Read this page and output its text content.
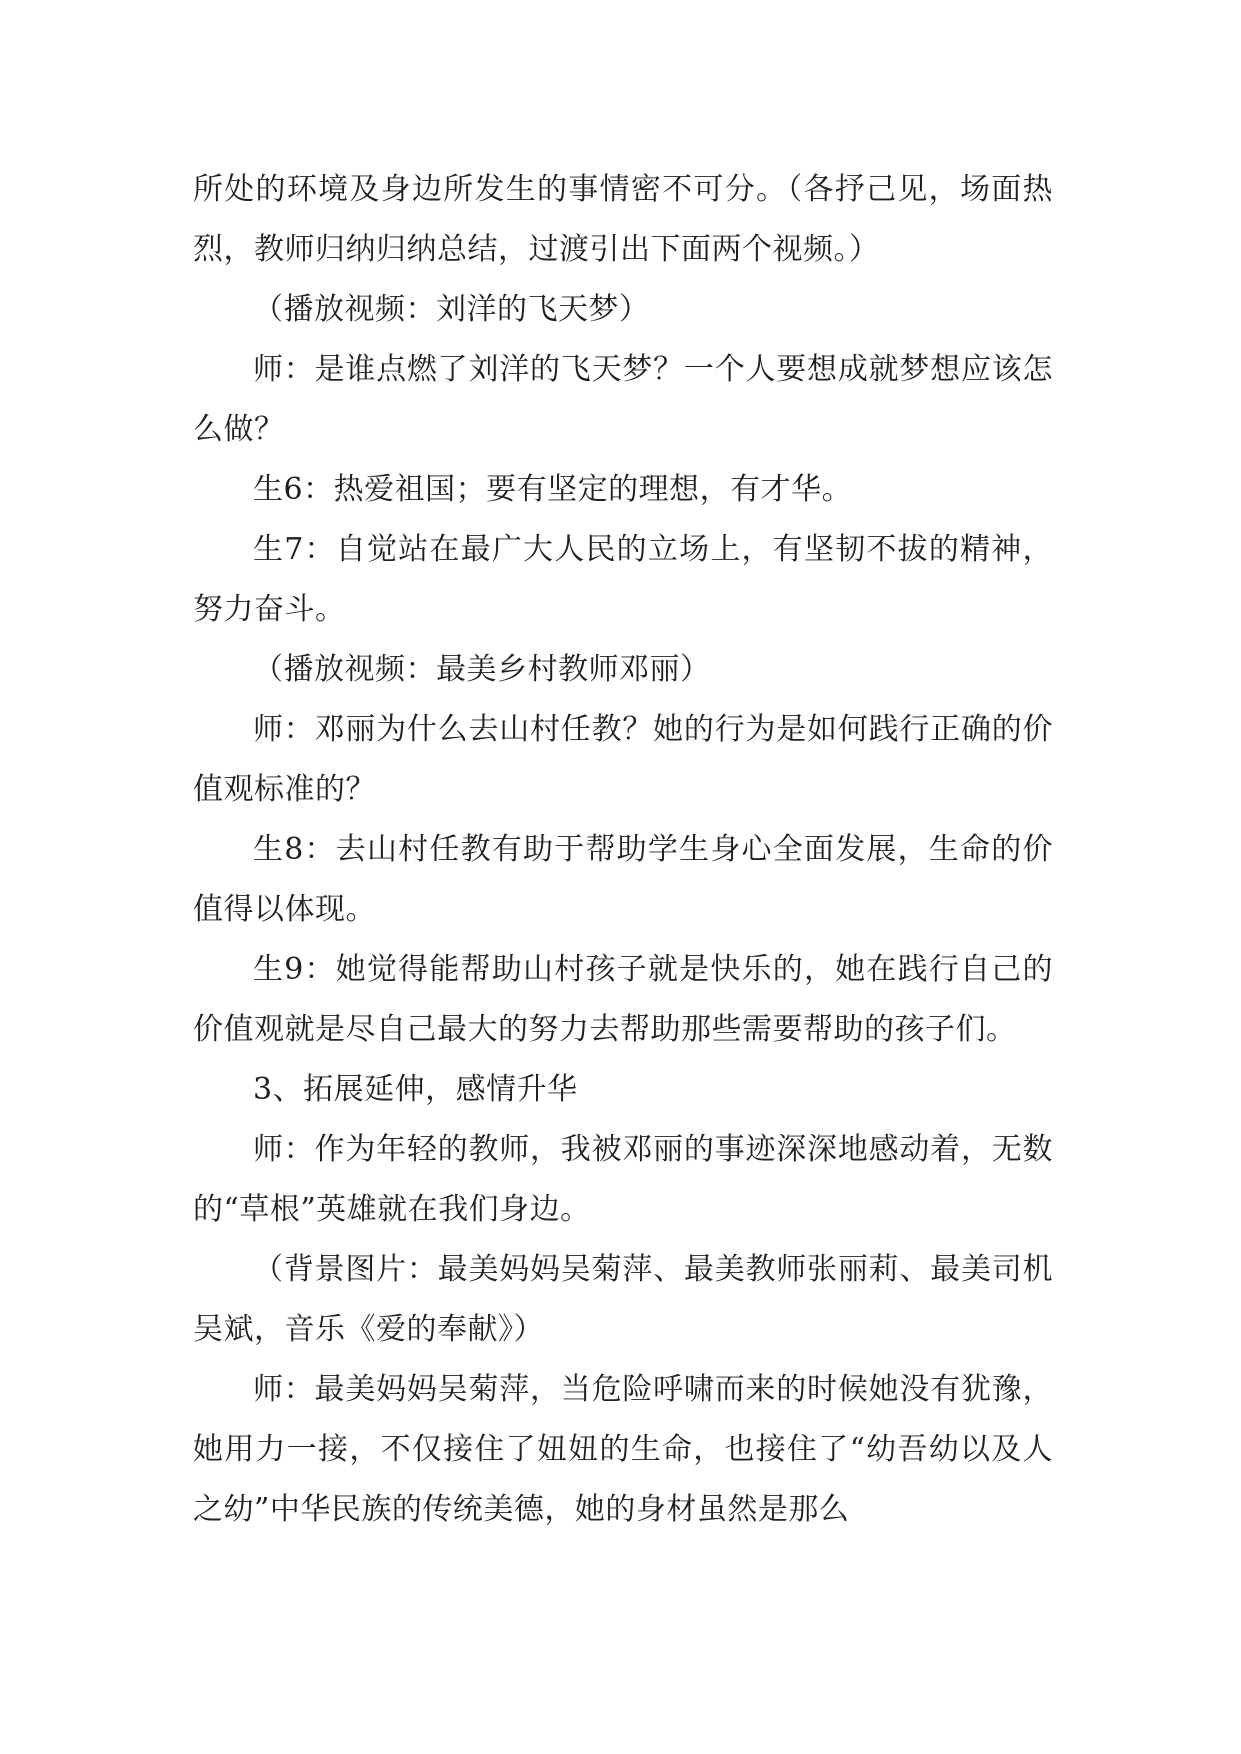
所处的环境及身边所发生的事情密不可分。（各抒己见，场面热烈，教师归纳归纳总结，过渡引出下面两个视频。）

（播放视频：刘洋的飞天梦）

师：是谁点燃了刘洋的飞天梦？一个人要想成就梦想应该怎么做？

生6：热爱祖国；要有坚定的理想，有才华。

生7：自觉站在最广大人民的立场上，有坚韧不拔的精神，努力奋斗。

（播放视频：最美乡村教师邓丽）

师：邓丽为什么去山村任教？她的行为是如何践行正确的价值观标准的？

生8：去山村任教有助于帮助学生身心全面发展，生命的价值得以体现。

生9：她觉得能帮助山村孩子就是快乐的，她在践行自己的价值观就是尽自己最大的努力去帮助那些需要帮助的孩子们。

3、拓展延伸，感情升华

师：作为年轻的教师，我被邓丽的事迹深深地感动着，无数的“草根”英雄就在我们身边。

（背景图片：最美妈妈吴菊萍、最美教师张丽莉、最美司机吴斌，音乐《爱的奉献》）

师：最美妈妈吴菊萍，当危险呼啸而来的时候她没有犹豫，她用力一接，不仅接住了妞妞的生命，也接住了“幼吾幼以及人之幼”中华民族的传统美德，她的身材虽然是那么
